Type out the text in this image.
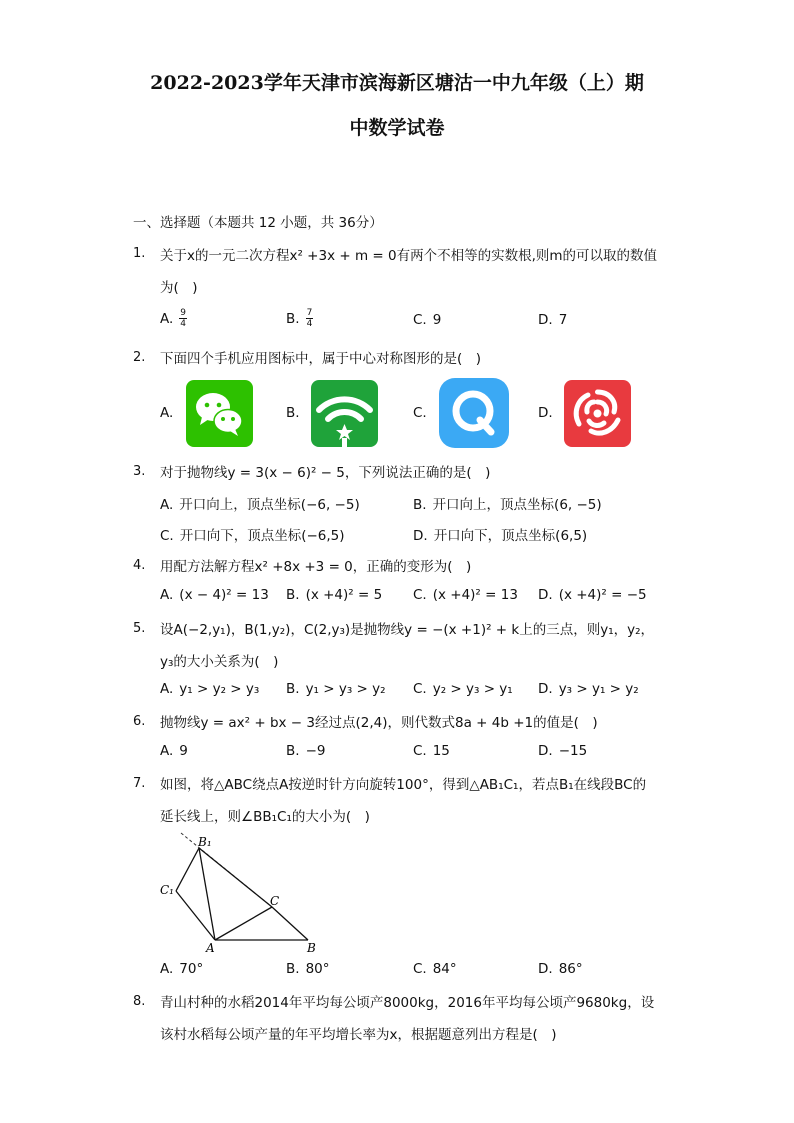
2022-2023学年天津市滨海新区塘沽一中九年级（上）期
中数学试卷
一、选择题（本题共 12 小题，共 36分）
1. 关于x的一元二次方程x² +3x + m = 0有两个不相等的实数根,则m的可以取的数值
为(　)
A. $\frac{9}{4}$	B. $\frac{7}{4}$	C. 9	D. 7
2. 下面四个手机应用图标中，属于中心对称图形的是(　)
A.	B.	C.	D.
3. 对于抛物线y = 3(x − 6)² − 5，下列说法正确的是(　)
A. 开口向上，顶点坐标(−6, −5)	B. 开口向上，顶点坐标(6, −5)
C. 开口向下，顶点坐标(−6,5)	D. 开口向下，顶点坐标(6,5)
4. 用配方法解方程x² +8x +3 = 0，正确的变形为(　)
A. (x − 4)² = 13 B. (x +4)² = 5 C. (x +4)² = 13 D. (x +4)² = −5
5. 设A(−2,y₁)，B(1,y₂)，C(2,y₃)是抛物线y = −(x +1)² + k上的三点，则y₁，y₂，
y₃的大小关系为(　)
A. y₁ > y₂ > y₃ B. y₁ > y₃ > y₂ C. y₂ > y₃ > y₁ D. y₃ > y₁ > y₂
6. 抛物线y = ax² + bx − 3经过点(2,4)，则代数式8a + 4b +1的值是(　)
A. 9	B. −9	C. 15	D. −15
7. 如图，将△ABC绕点A按逆时针方向旋转100°，得到△AB₁C₁，若点B₁在线段BC的
延长线上，则∠BB₁C₁的大小为(　)
B₁
C₁
C
A	B
A. 70°	B. 80°	C. 84°	D. 86°
8. 青山村种的水稻2014年平均每公顷产8000kg，2016年平均每公顷产9680kg，设
该村水稻每公顷产量的年平均增长率为x，根据题意列出方程是(　)
